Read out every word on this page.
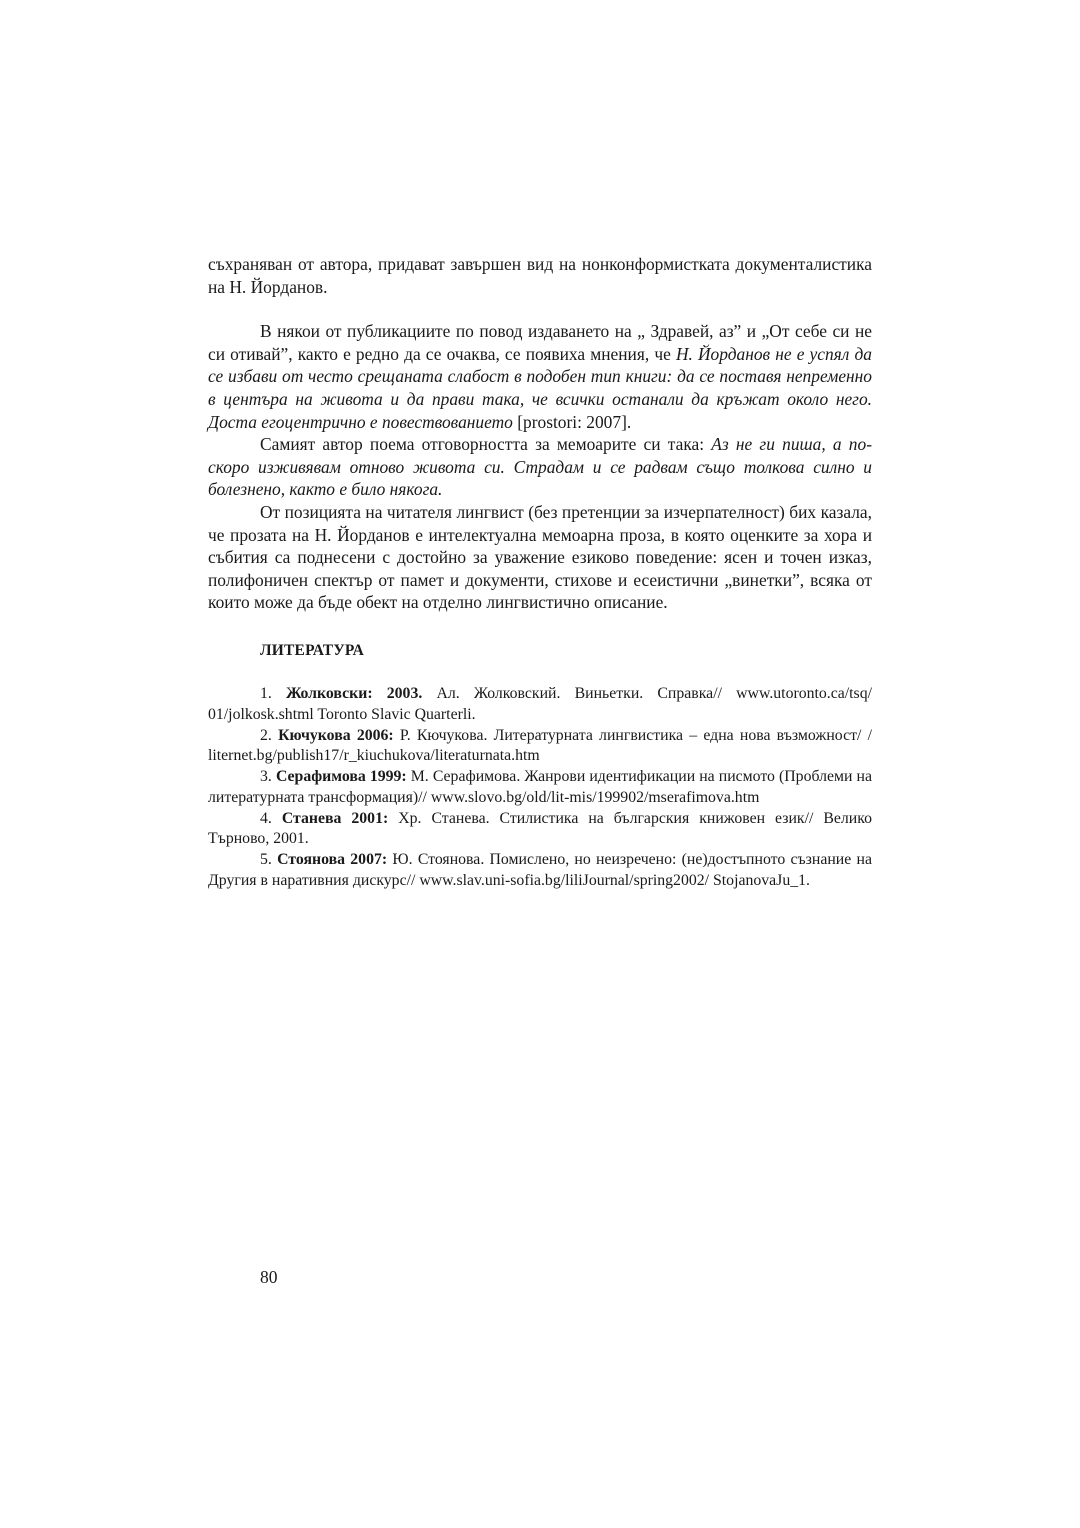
съхраняван от автора, придават завършен вид на нонконформистката документалистика на Н. Йорданов.

В някои от публикациите по повод издаването на „ Здравей, аз” и „От себе си не си отивай”, както е редно да се очаква, се появиха мнения, че Н. Йорданов не е успял да се избави от често срещаната слабост в подобен тип книги: да се поставя непременно в центъра на живота и да прави така, че всички останали да кръжат около него. Доста егоцентрично е повествованието [prostori: 2007].

Самият автор поема отговорността за мемоарите си така: Аз не ги пиша, а по-скоро изживявам отново живота си. Страдам и се радвам също толкова силно и болезнено, както е било някога.

От позицията на читателя лингвист (без претенции за изчерпателност) бих казала, че прозата на Н. Йорданов е интелектуална мемоарна проза, в която оценките за хора и събития са поднесени с достойно за уважение езиково поведение: ясен и точен изказ, полифоничен спектър от памет и документи, стихове и есеистични „винетки”, всяка от които може да бъде обект на отделно лингвистично описание.

ЛИТЕРАТУРА

1. Жолковски: 2003. Ал. Жолковский. Виньетки. Справка// www.utoronto.ca/tsq/ 01/jolkosk.shtml Toronto Slavic Quarterli.

2. Кючукова 2006: Р. Кючукова. Литературната лингвистика – една нова възможност/ / liternet.bg/publish17/r_kiuchukova/literaturnata.htm

3. Серафимова 1999: М. Серафимова. Жанрови идентификации на писмото (Проблеми на литературната трансформация)// www.slovo.bg/old/lit-mis/199902/mserafimova.htm

4. Станева 2001: Хр. Станева. Стилистика на българския книжовен език// Велико Търново, 2001.

5. Стоянова 2007: Ю. Стоянова. Помислено, но неизречено: (не)достъпното съзнание на Другия в наративния дискурс// www.slav.uni-sofia.bg/liliJournal/spring2002/ StojanovaJu_1.

80
